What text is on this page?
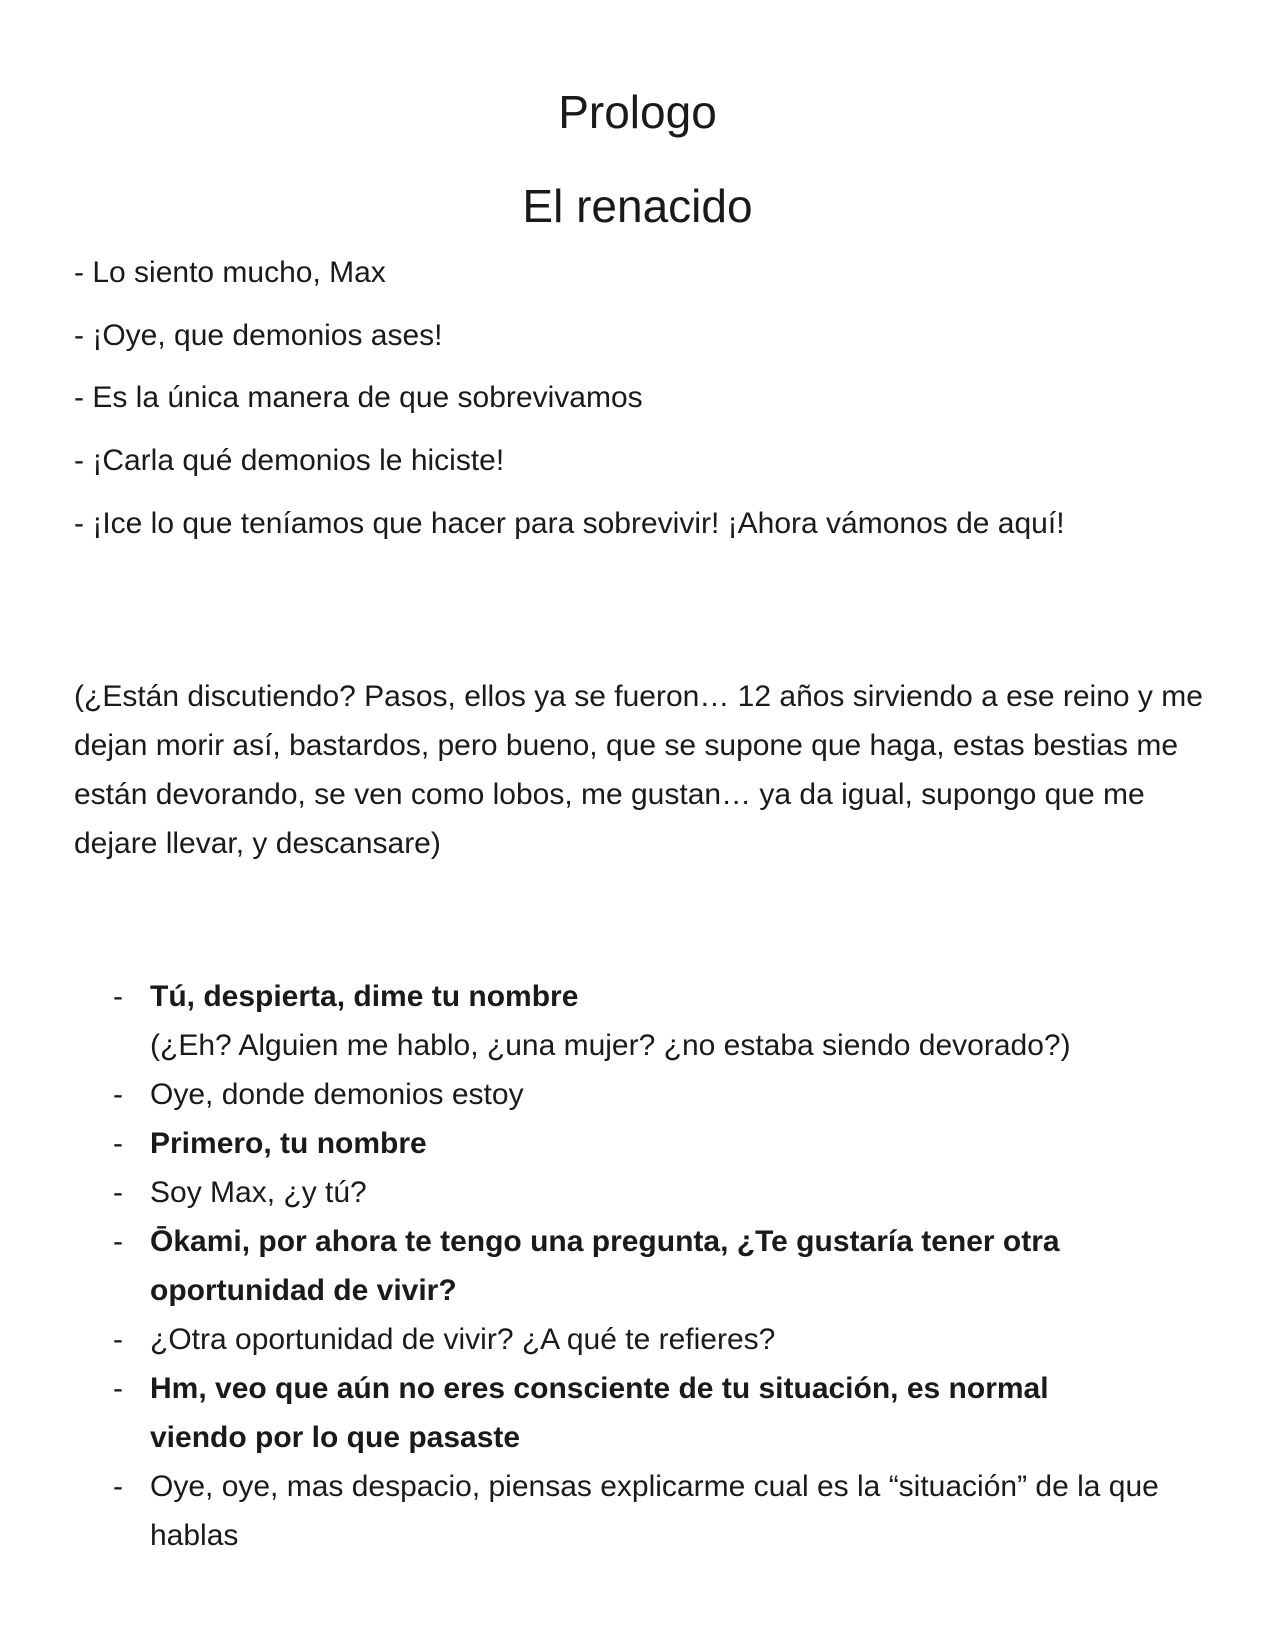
Prologo
El renacido
- Lo siento mucho, Max
- ¡Oye, que demonios ases!
- Es la única manera de que sobrevivamos
- ¡Carla qué demonios le hiciste!
- ¡Ice lo que teníamos que hacer para sobrevivir! ¡Ahora vámonos de aquí!
(¿Están discutiendo? Pasos, ellos ya se fueron… 12 años sirviendo a ese reino y me dejan morir así, bastardos, pero bueno, que se supone que haga, estas bestias me están devorando, se ven como lobos, me gustan… ya da igual, supongo que me dejare llevar, y descansare)
- Tú, despierta, dime tu nombre
(¿Eh? Alguien me hablo, ¿una mujer? ¿no estaba siendo devorado?)
- Oye, donde demonios estoy
- Primero, tu nombre
- Soy Max, ¿y tú?
- Ōkami, por ahora te tengo una pregunta, ¿Te gustaría tener otra oportunidad de vivir?
- ¿Otra oportunidad de vivir? ¿A qué te refieres?
- Hm, veo que aún no eres consciente de tu situación, es normal viendo por lo que pasaste
- Oye, oye, mas despacio, piensas explicarme cual es la “situación” de la que hablas
